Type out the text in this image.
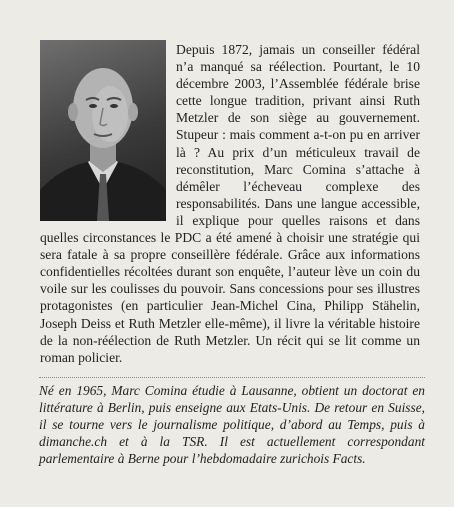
Depuis 1872, jamais un conseiller fédéral n’a manqué sa réélection. Pourtant, le 10 décembre 2003, l’Assemblée fédérale brise cette longue tradition, privant ainsi Ruth Metzler de son siège au gouvernement. Stupeur : mais comment a-t-on pu en arriver là ? Au prix d’un méticuleux travail de reconstitution, Marc Comina s’attache à démêler l’écheveau complexe des responsabilités. Dans une langue accessible, il explique pour quelles raisons et dans quelles circonstances le PDC a été amené à choisir une stratégie qui sera fatale à sa propre conseillère fédérale. Grâce aux informations confidentielles récoltées durant son enquête, l’auteur lève un coin du voile sur les coulisses du pouvoir. Sans concessions pour ses illustres protagonistes (en particulier Jean-Michel Cina, Philipp Stähelin, Joseph Deiss et Ruth Metzler elle-même), il livre la véritable histoire de la non-réélection de Ruth Metzler. Un récit qui se lit comme un roman policier.

Né en 1965, Marc Comina étudie à Lausanne, obtient un doctorat en littérature à Berlin, puis enseigne aux Etats-Unis. De retour en Suisse, il se tourne vers le journalisme politique, d’abord au Temps, puis à dimanche.ch et à la TSR. Il est actuellement correspondant parlementaire à Berne pour l’hebdomadaire zurichois Facts.
